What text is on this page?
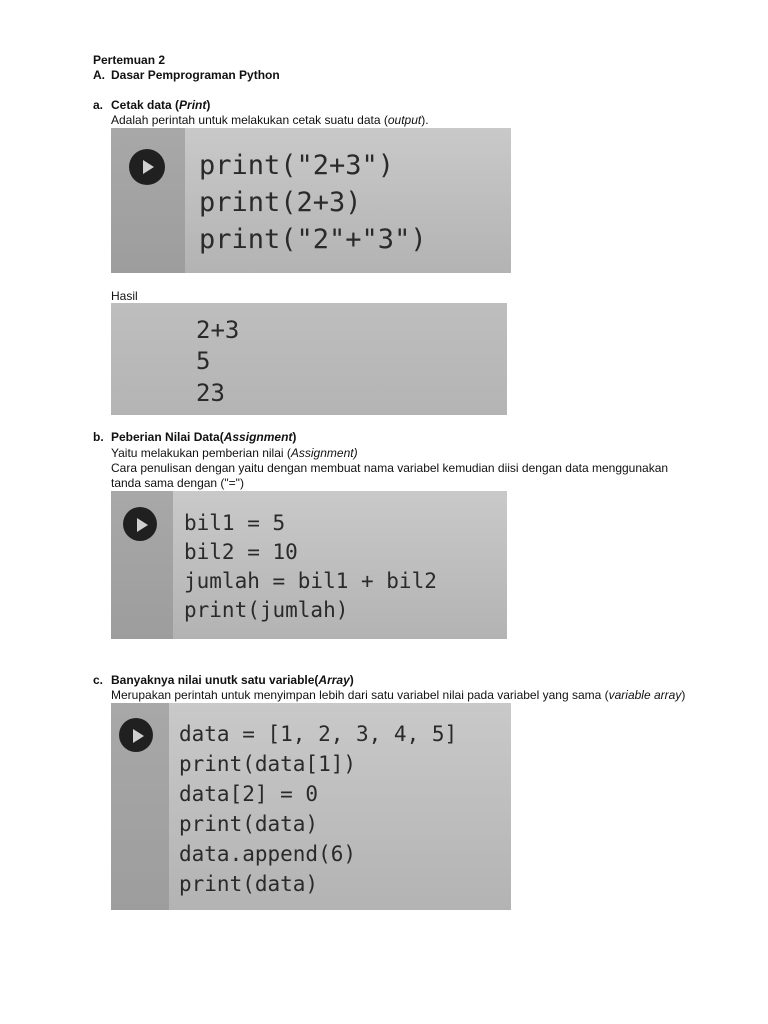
Pertemuan 2
A. Dasar Pemprograman Python
a. Cetak data (Print)
Adalah perintah untuk melakukan cetak suatu data (output).
print("2+3")
print(2+3)
print("2"+"3")
Hasil
2+3
5
23
b. Peberian Nilai Data(Assignment)
Yaitu melakukan pemberian nilai (Assignment)
Cara penulisan dengan yaitu dengan membuat nama variabel kemudian diisi dengan data menggunakan
tanda sama dengan ("=")
bil1 = 5
bil2 = 10
jumlah = bil1 + bil2
print(jumlah)
c. Banyaknya nilai unutk satu variable(Array)
Merupakan perintah untuk menyimpan lebih dari satu variabel nilai pada variabel yang sama (variable array)
data = [1, 2, 3, 4, 5]
print(data[1])
data[2] = 0
print(data)
data.append(6)
print(data)
